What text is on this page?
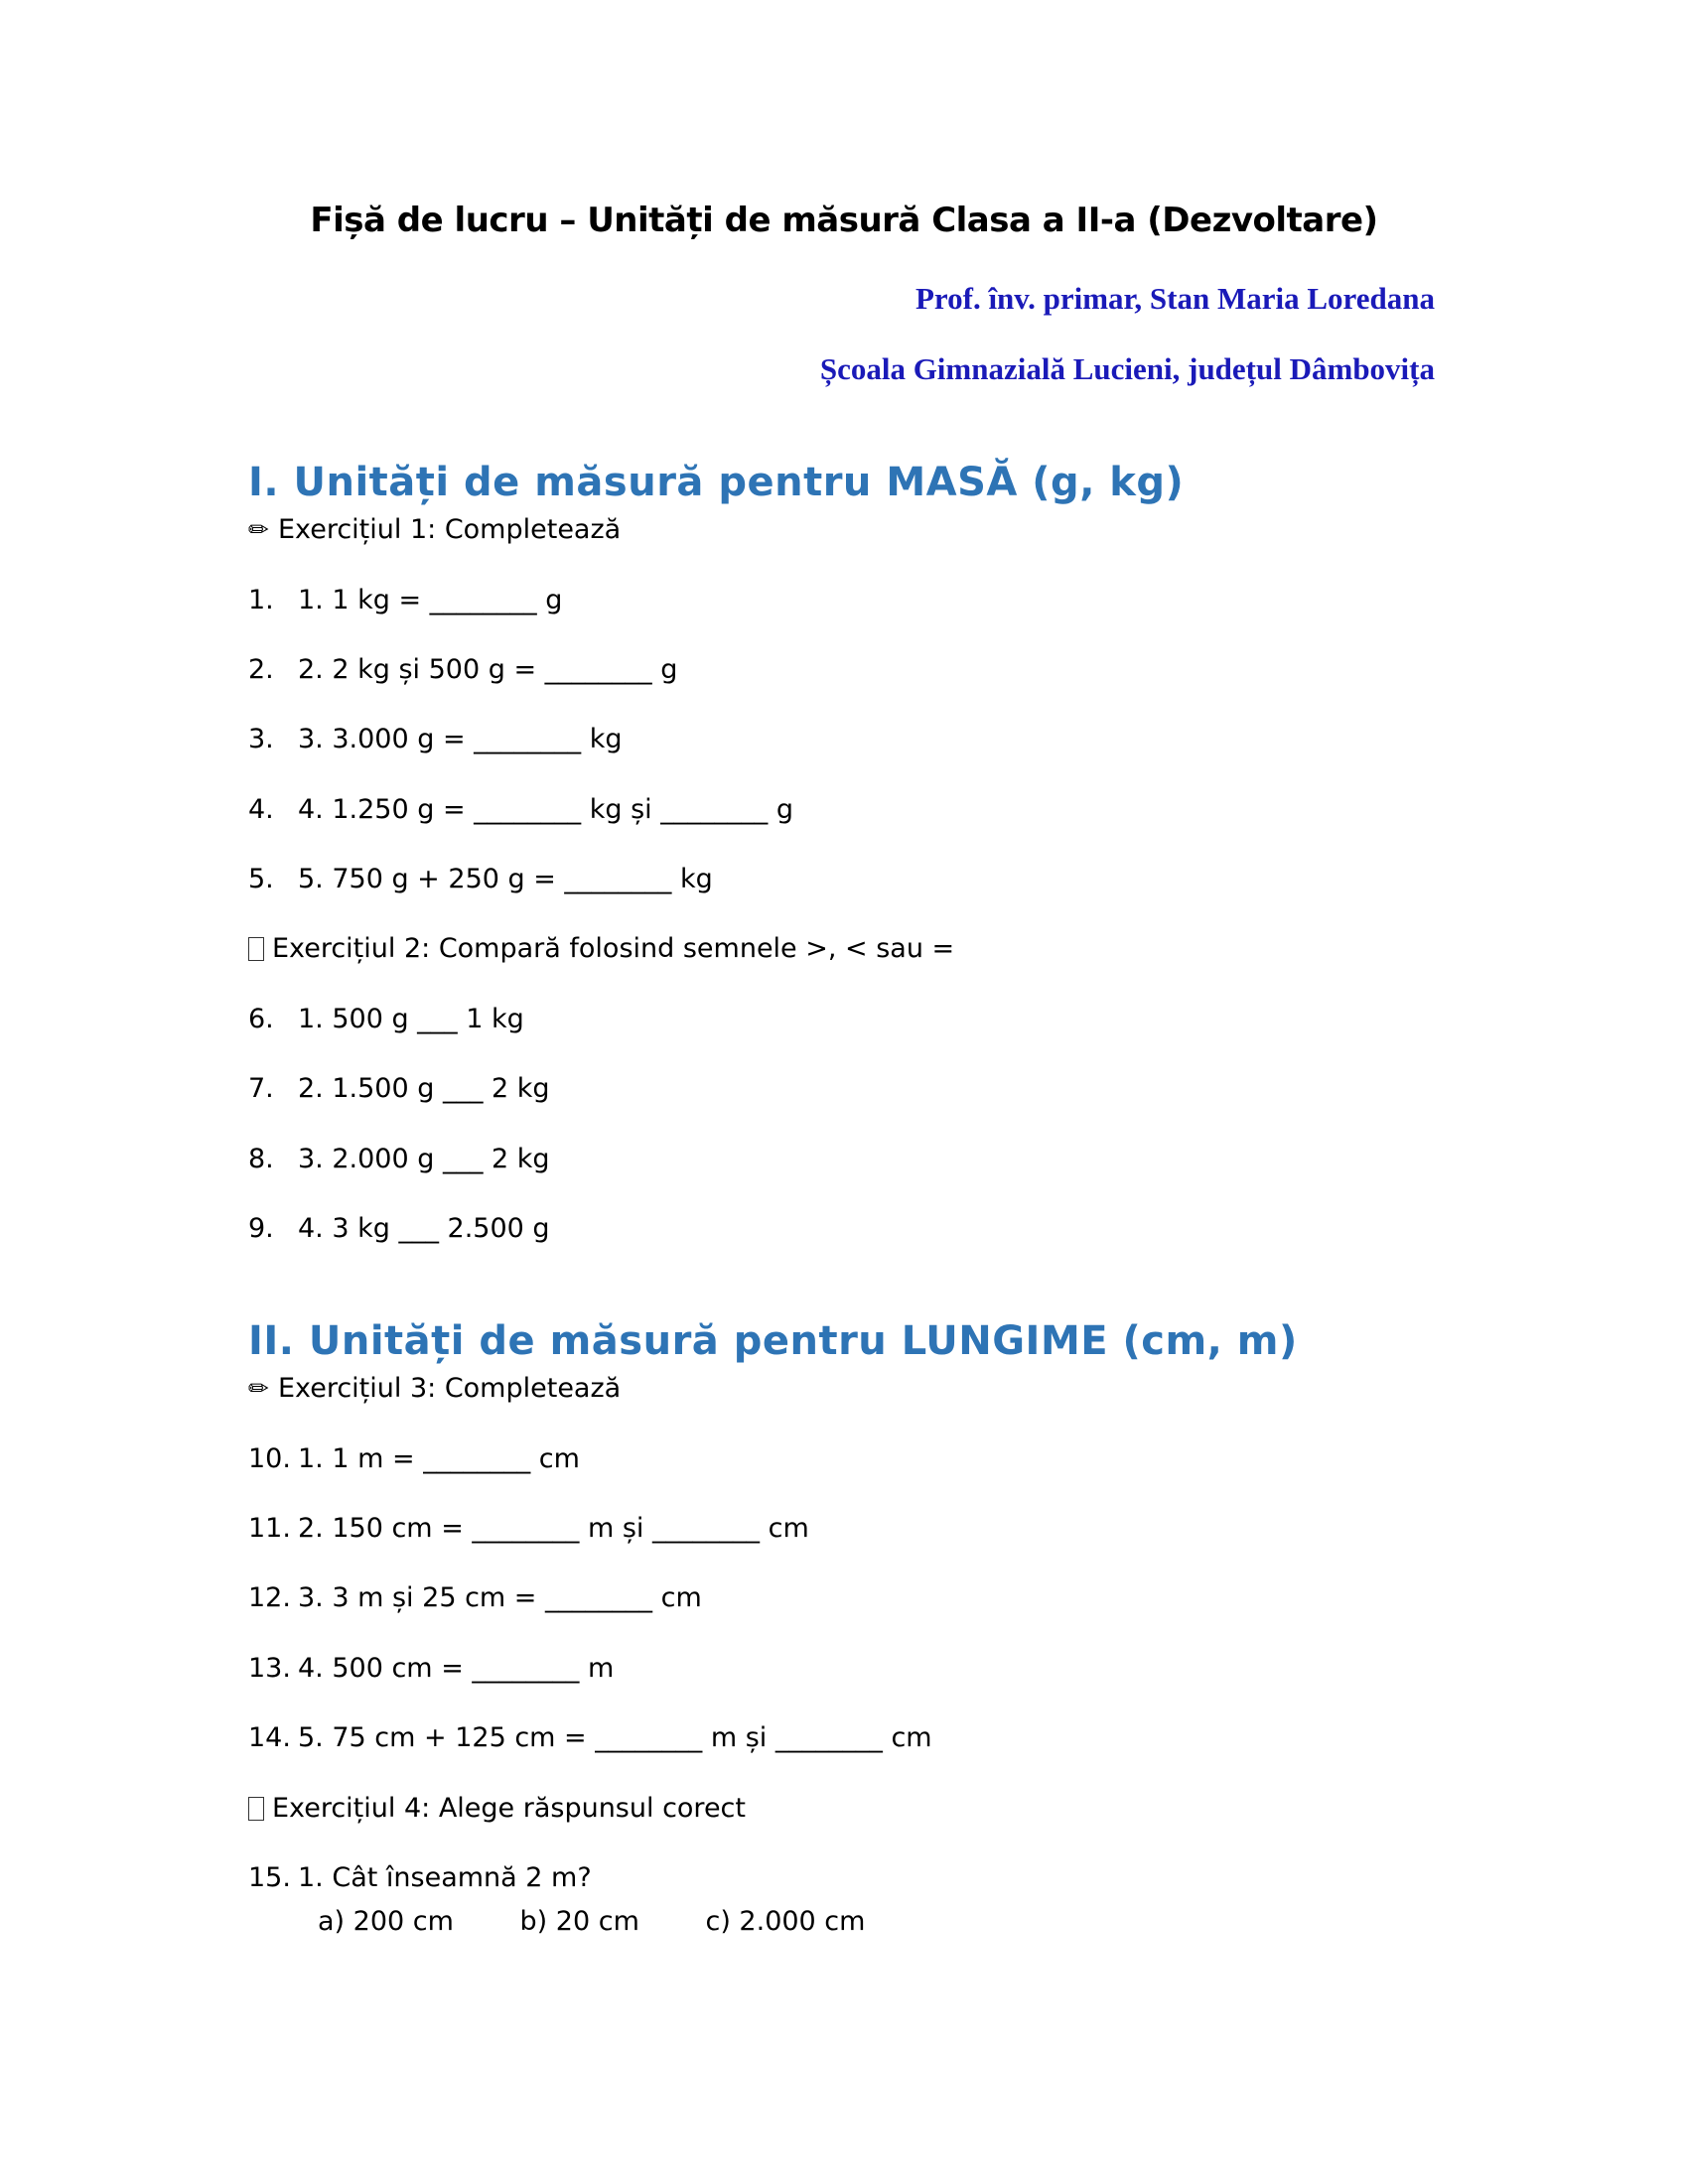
Fișă de lucru – Unități de măsură Clasa a II-a (Dezvoltare)
Prof. înv. primar, Stan Maria Loredana
Școala Gimnazială Lucieni, județul Dâmbovița
I. Unități de măsură pentru MASĂ (g, kg)
✏ Exercițiul 1: Completează
1. 1. 1 kg = ________ g
2. 2. 2 kg și 500 g = ________ g
3. 3. 3.000 g = ________ kg
4. 4. 1.250 g = ________ kg și ________ g
5. 5. 750 g + 250 g = ________ kg
Exercițiul 2: Compară folosind semnele >, < sau =
6. 1. 500 g ___ 1 kg
7. 2. 1.500 g ___ 2 kg
8. 3. 2.000 g ___ 2 kg
9. 4. 3 kg ___ 2.500 g
II. Unități de măsură pentru LUNGIME (cm, m)
✏ Exercițiul 3: Completează
10. 1. 1 m = ________ cm
11. 2. 150 cm = ________ m și ________ cm
12. 3. 3 m și 25 cm = ________ cm
13. 4. 500 cm = ________ m
14. 5. 75 cm + 125 cm = ________ m și ________ cm
Exercițiul 4: Alege răspunsul corect
15. 1. Cât înseamnă 2 m?
a) 200 cm b) 20 cm c) 2.000 cm
